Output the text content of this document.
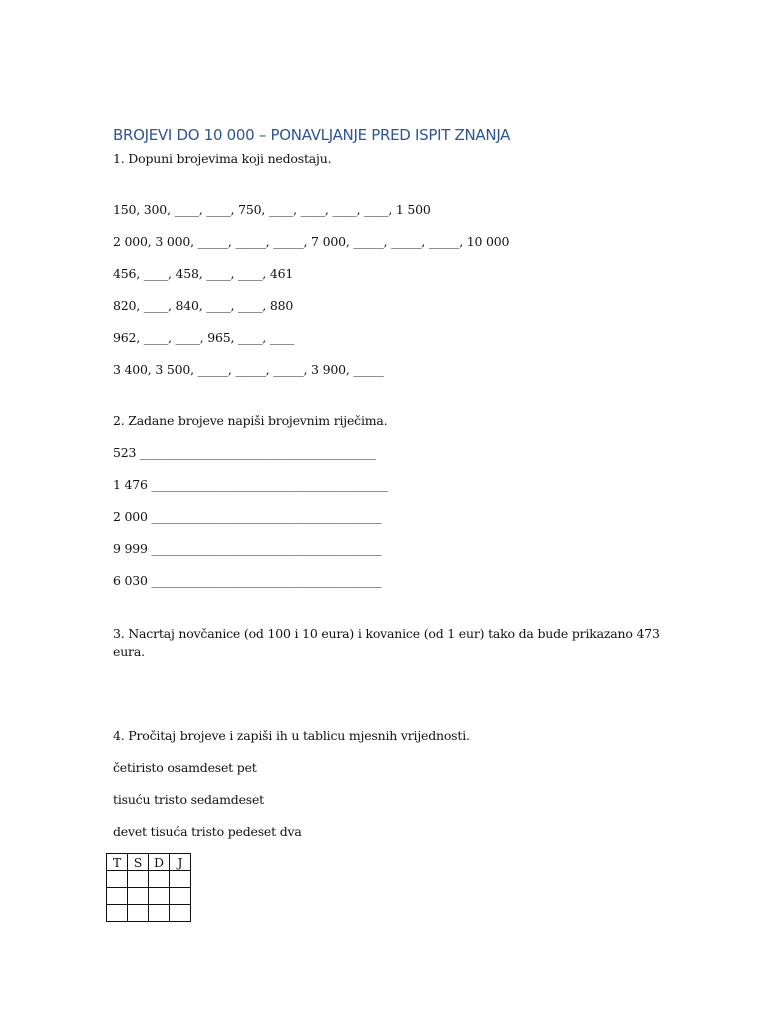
BROJEVI DO 10 000 – PONAVLJANJE PRED ISPIT ZNANJA
1. Dopuni brojevima koji nedostaju.
150, 300, ____, ____, 750, ____, ____, ____, ____, 1 500
2 000, 3 000, _____, _____, _____, 7 000, _____, _____, _____, 10 000
456, ____, 458, ____, ____, 461
820, ____, 840, ____, ____, 880
962, ____, ____, 965, ____, ____
3 400, 3 500, _____, _____, _____, 3 900, _____
2. Zadane brojeve napiši brojevnim riječima.
523 _______________________________________
1 476 _______________________________________
2 000 ______________________________________
9 999 ______________________________________
6 030 ______________________________________
3. Nacrtaj novčanice (od 100 i 10 eura) i kovanice (od 1 eur) tako da bude prikazano 473
eura.
4. Pročitaj brojeve i zapiši ih u tablicu mjesnih vrijednosti.
četiristo osamdeset pet
tisuću tristo sedamdeset
devet tisuća tristo pedeset dva
T	S	D	J
